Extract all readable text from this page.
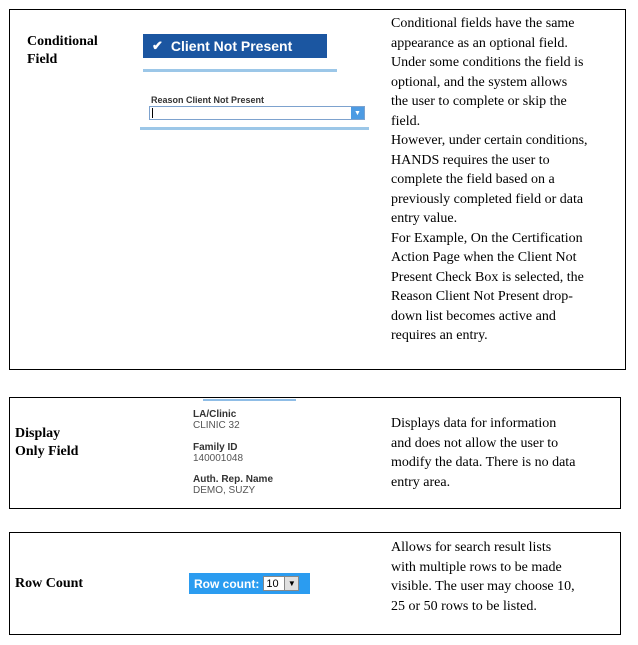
Conditional
Field
✔ Client Not Present
Reason Client Not Present
▼
Conditional fields have the same
appearance as an optional field.
Under some conditions the field is
optional, and the system allows
the user to complete or skip the
field.
However, under certain conditions,
HANDS requires the user to
complete the field based on a
previously completed field or data
entry value.
For Example, On the Certification
Action Page when the Client Not
Present Check Box is selected, the
Reason Client Not Present drop-
down list becomes active and
requires an entry.
Display
Only Field
LA/Clinic
CLINIC 32
Family ID
140001048
Auth. Rep. Name
DEMO, SUZY
Displays data for information
and does not allow the user to
modify the data. There is no data
entry area.
Row Count	Row count: 10	▼
Allows for search result lists
with multiple rows to be made
visible. The user may choose 10,
25 or 50 rows to be listed.
